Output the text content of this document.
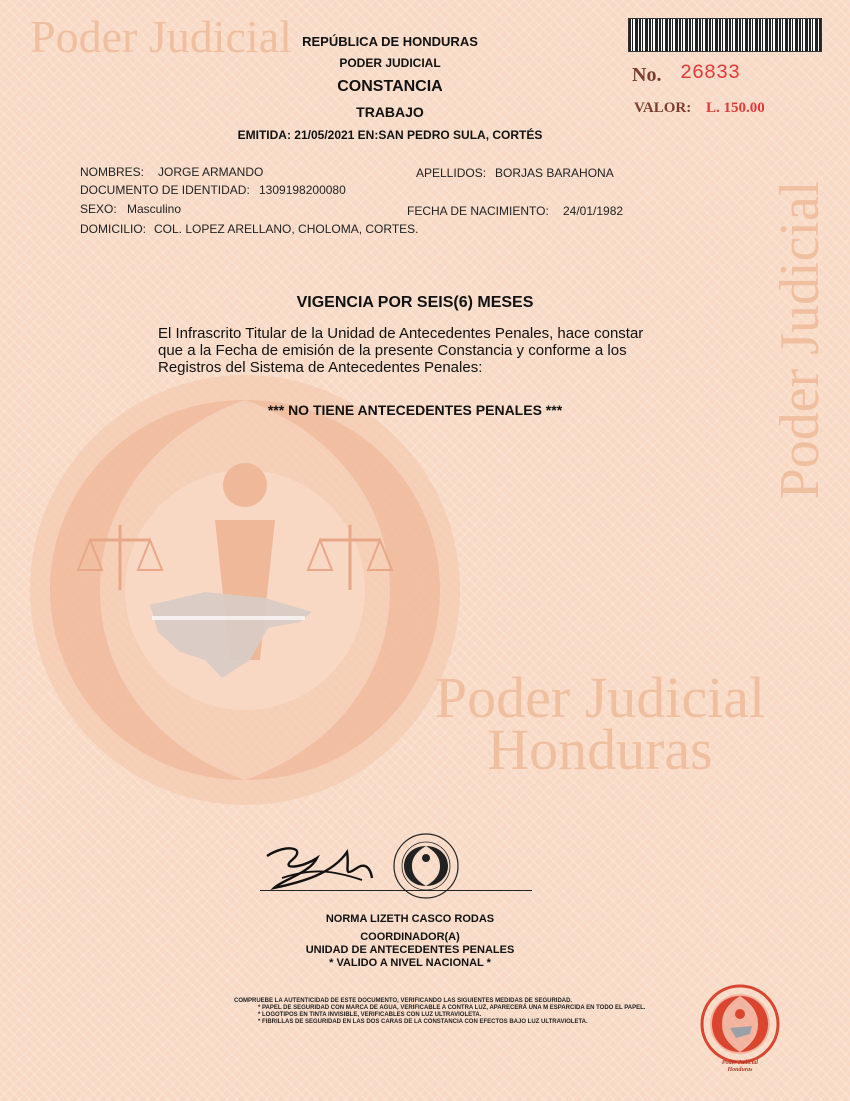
Poder Judicial
Poder Judicial
Poder Judicial
Honduras
REPÚBLICA DE HONDURAS
PODER JUDICIAL
CONSTANCIA
TRABAJO
EMITIDA: 21/05/2021 EN:SAN PEDRO SULA, CORTÉS
No. 26833
VALOR: L. 150.00
NOMBRES: JORGE ARMANDO	APELLIDOS: BORJAS BARAHONA
DOCUMENTO DE IDENTIDAD: 1309198200080
SEXO: Masculino	FECHA DE NACIMIENTO: 24/01/1982
DOMICILIO: COL. LOPEZ ARELLANO, CHOLOMA, CORTES.
VIGENCIA POR SEIS(6) MESES
El Infrascrito Titular de la Unidad de Antecedentes Penales, hace constar
que a la Fecha de emisión de la presente Constancia y conforme a los
Registros del Sistema de Antecedentes Penales:
*** NO TIENE ANTECEDENTES PENALES ***
NORMA LIZETH CASCO RODAS
COORDINADOR(A)
UNIDAD DE ANTECEDENTES PENALES
* VALIDO A NIVEL NACIONAL *
COMPRUEBE LA AUTENTICIDAD DE ESTE DOCUMENTO, VERIFICANDO LAS SIGUIENTES MEDIDAS DE SEGURIDAD.
* PAPEL DE SEGURIDAD CON MARCA DE AGUA, VERIFICABLE A CONTRA LUZ, APARECERÁ UNA M ESPARCIDA EN TODO EL PAPEL.
* LOGOTIPOS EN TINTA INVISIBLE, VERIFICABLES CON LUZ ULTRAVIOLETA.
* FIBRILLAS DE SEGURIDAD EN LAS DOS CARAS DE LA CONSTANCIA CON EFECTOS BAJO LUZ ULTRAVIOLETA.
Poder Judicial
Honduras
